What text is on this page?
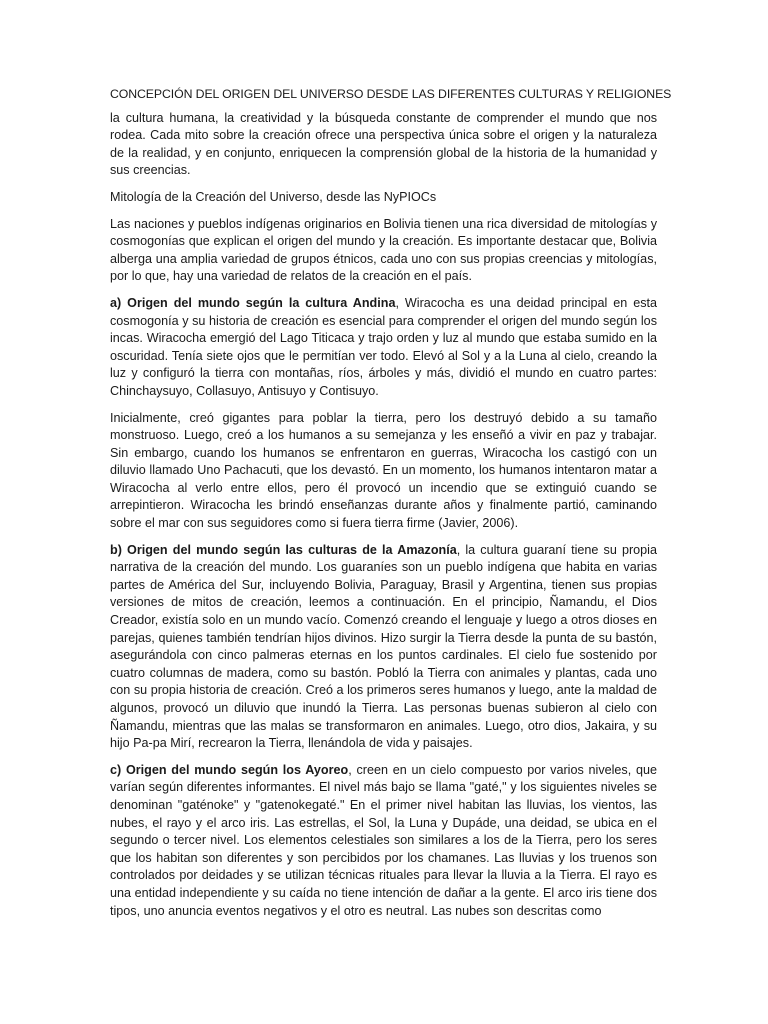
CONCEPCIÓN DEL ORIGEN DEL UNIVERSO DESDE LAS DIFERENTES CULTURAS Y RELIGIONES

la cultura humana, la creatividad y la búsqueda constante de comprender el mundo que nos rodea. Cada mito sobre la creación ofrece una perspectiva única sobre el origen y la naturaleza de la realidad, y en conjunto, enriquecen la comprensión global de la historia de la humanidad y sus creencias.

Mitología de la Creación del Universo, desde las NyPIOCs

Las naciones y pueblos indígenas originarios en Bolivia tienen una rica diversidad de mitologías y cosmogonías que explican el origen del mundo y la creación. Es importante destacar que, Bolivia alberga una amplia variedad de grupos étnicos, cada uno con sus propias creencias y mitologías, por lo que, hay una variedad de relatos de la creación en el país.

a) Origen del mundo según la cultura Andina, Wiracocha es una deidad principal en esta cosmogonía y su historia de creación es esencial para comprender el origen del mundo según los incas. Wiracocha emergió del Lago Titicaca y trajo orden y luz al mundo que estaba sumido en la oscuridad. Tenía siete ojos que le permitían ver todo. Elevó al Sol y a la Luna al cielo, creando la luz y configuró la tierra con montañas, ríos, árboles y más, dividió el mundo en cuatro partes: Chinchaysuyo, Collasuyo, Antisuyo y Contisuyo.

Inicialmente, creó gigantes para poblar la tierra, pero los destruyó debido a su tamaño monstruoso. Luego, creó a los humanos a su semejanza y les enseñó a vivir en paz y trabajar. Sin embargo, cuando los humanos se enfrentaron en guerras, Wiracocha los castigó con un diluvio llamado Uno Pachacuti, que los devastó. En un momento, los humanos intentaron matar a Wiracocha al verlo entre ellos, pero él provocó un incendio que se extinguió cuando se arrepintieron. Wiracocha les brindó enseñanzas durante años y finalmente partió, caminando sobre el mar con sus seguidores como si fuera tierra firme (Javier, 2006).

b) Origen del mundo según las culturas de la Amazonía, la cultura guaraní tiene su propia narrativa de la creación del mundo. Los guaraníes son un pueblo indígena que habita en varias partes de América del Sur, incluyendo Bolivia, Paraguay, Brasil y Argentina, tienen sus propias versiones de mitos de creación, leemos a continuación. En el principio, Ñamandu, el Dios Creador, existía solo en un mundo vacío. Comenzó creando el lenguaje y luego a otros dioses en parejas, quienes también tendrían hijos divinos. Hizo surgir la Tierra desde la punta de su bastón, asegurándola con cinco palmeras eternas en los puntos cardinales. El cielo fue sostenido por cuatro columnas de madera, como su bastón. Pobló la Tierra con animales y plantas, cada uno con su propia historia de creación. Creó a los primeros seres humanos y luego, ante la maldad de algunos, provocó un diluvio que inundó la Tierra. Las personas buenas subieron al cielo con Ñamandu, mientras que las malas se transformaron en animales. Luego, otro dios, Jakaira, y su hijo Pa-pa Mirí, recrearon la Tierra, llenándola de vida y paisajes.

c) Origen del mundo según los Ayoreo, creen en un cielo compuesto por varios niveles, que varían según diferentes informantes. El nivel más bajo se llama "gaté," y los siguientes niveles se denominan "gaténoke" y "gatenokegaté." En el primer nivel habitan las lluvias, los vientos, las nubes, el rayo y el arco iris. Las estrellas, el Sol, la Luna y Dupáde, una deidad, se ubica en el segundo o tercer nivel. Los elementos celestiales son similares a los de la Tierra, pero los seres que los habitan son diferentes y son percibidos por los chamanes. Las lluvias y los truenos son controlados por deidades y se utilizan técnicas rituales para llevar la lluvia a la Tierra. El rayo es una entidad independiente y su caída no tiene intención de dañar a la gente. El arco iris tiene dos tipos, uno anuncia eventos negativos y el otro es neutral. Las nubes son descritas como
